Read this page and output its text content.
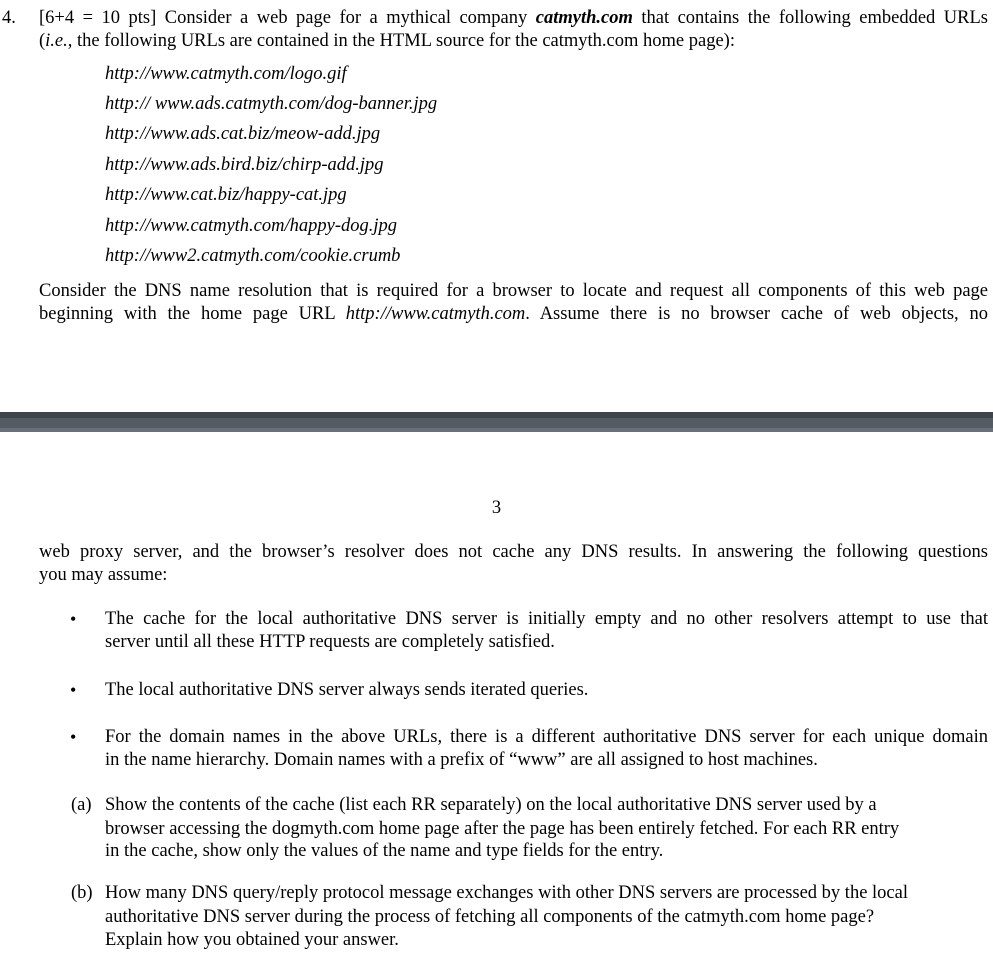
4. [6+4 = 10 pts] Consider a web page for a mythical company catmyth.com that contains the following embedded URLs
(i.e., the following URLs are contained in the HTML source for the catmyth.com home page):
http://www.catmyth.com/logo.gif
http:// www.ads.catmyth.com/dog-banner.jpg
http://www.ads.cat.biz/meow-add.jpg
http://www.ads.bird.biz/chirp-add.jpg
http://www.cat.biz/happy-cat.jpg
http://www.catmyth.com/happy-dog.jpg
http://www2.catmyth.com/cookie.crumb
Consider the DNS name resolution that is required for a browser to locate and request all components of this web page
beginning with the home page URL http://www.catmyth.com. Assume there is no browser cache of web objects, no
3
web proxy server, and the browser’s resolver does not cache any DNS results. In answering the following questions
you may assume:
• The cache for the local authoritative DNS server is initially empty and no other resolvers attempt to use that
server until all these HTTP requests are completely satisfied.
• The local authoritative DNS server always sends iterated queries.
• For the domain names in the above URLs, there is a different authoritative DNS server for each unique domain
in the name hierarchy. Domain names with a prefix of “www” are all assigned to host machines.
(a) Show the contents of the cache (list each RR separately) on the local authoritative DNS server used by a
browser accessing the dogmyth.com home page after the page has been entirely fetched. For each RR entry
in the cache, show only the values of the name and type fields for the entry.
(b) How many DNS query/reply protocol message exchanges with other DNS servers are processed by the local
authoritative DNS server during the process of fetching all components of the catmyth.com home page?
Explain how you obtained your answer.
